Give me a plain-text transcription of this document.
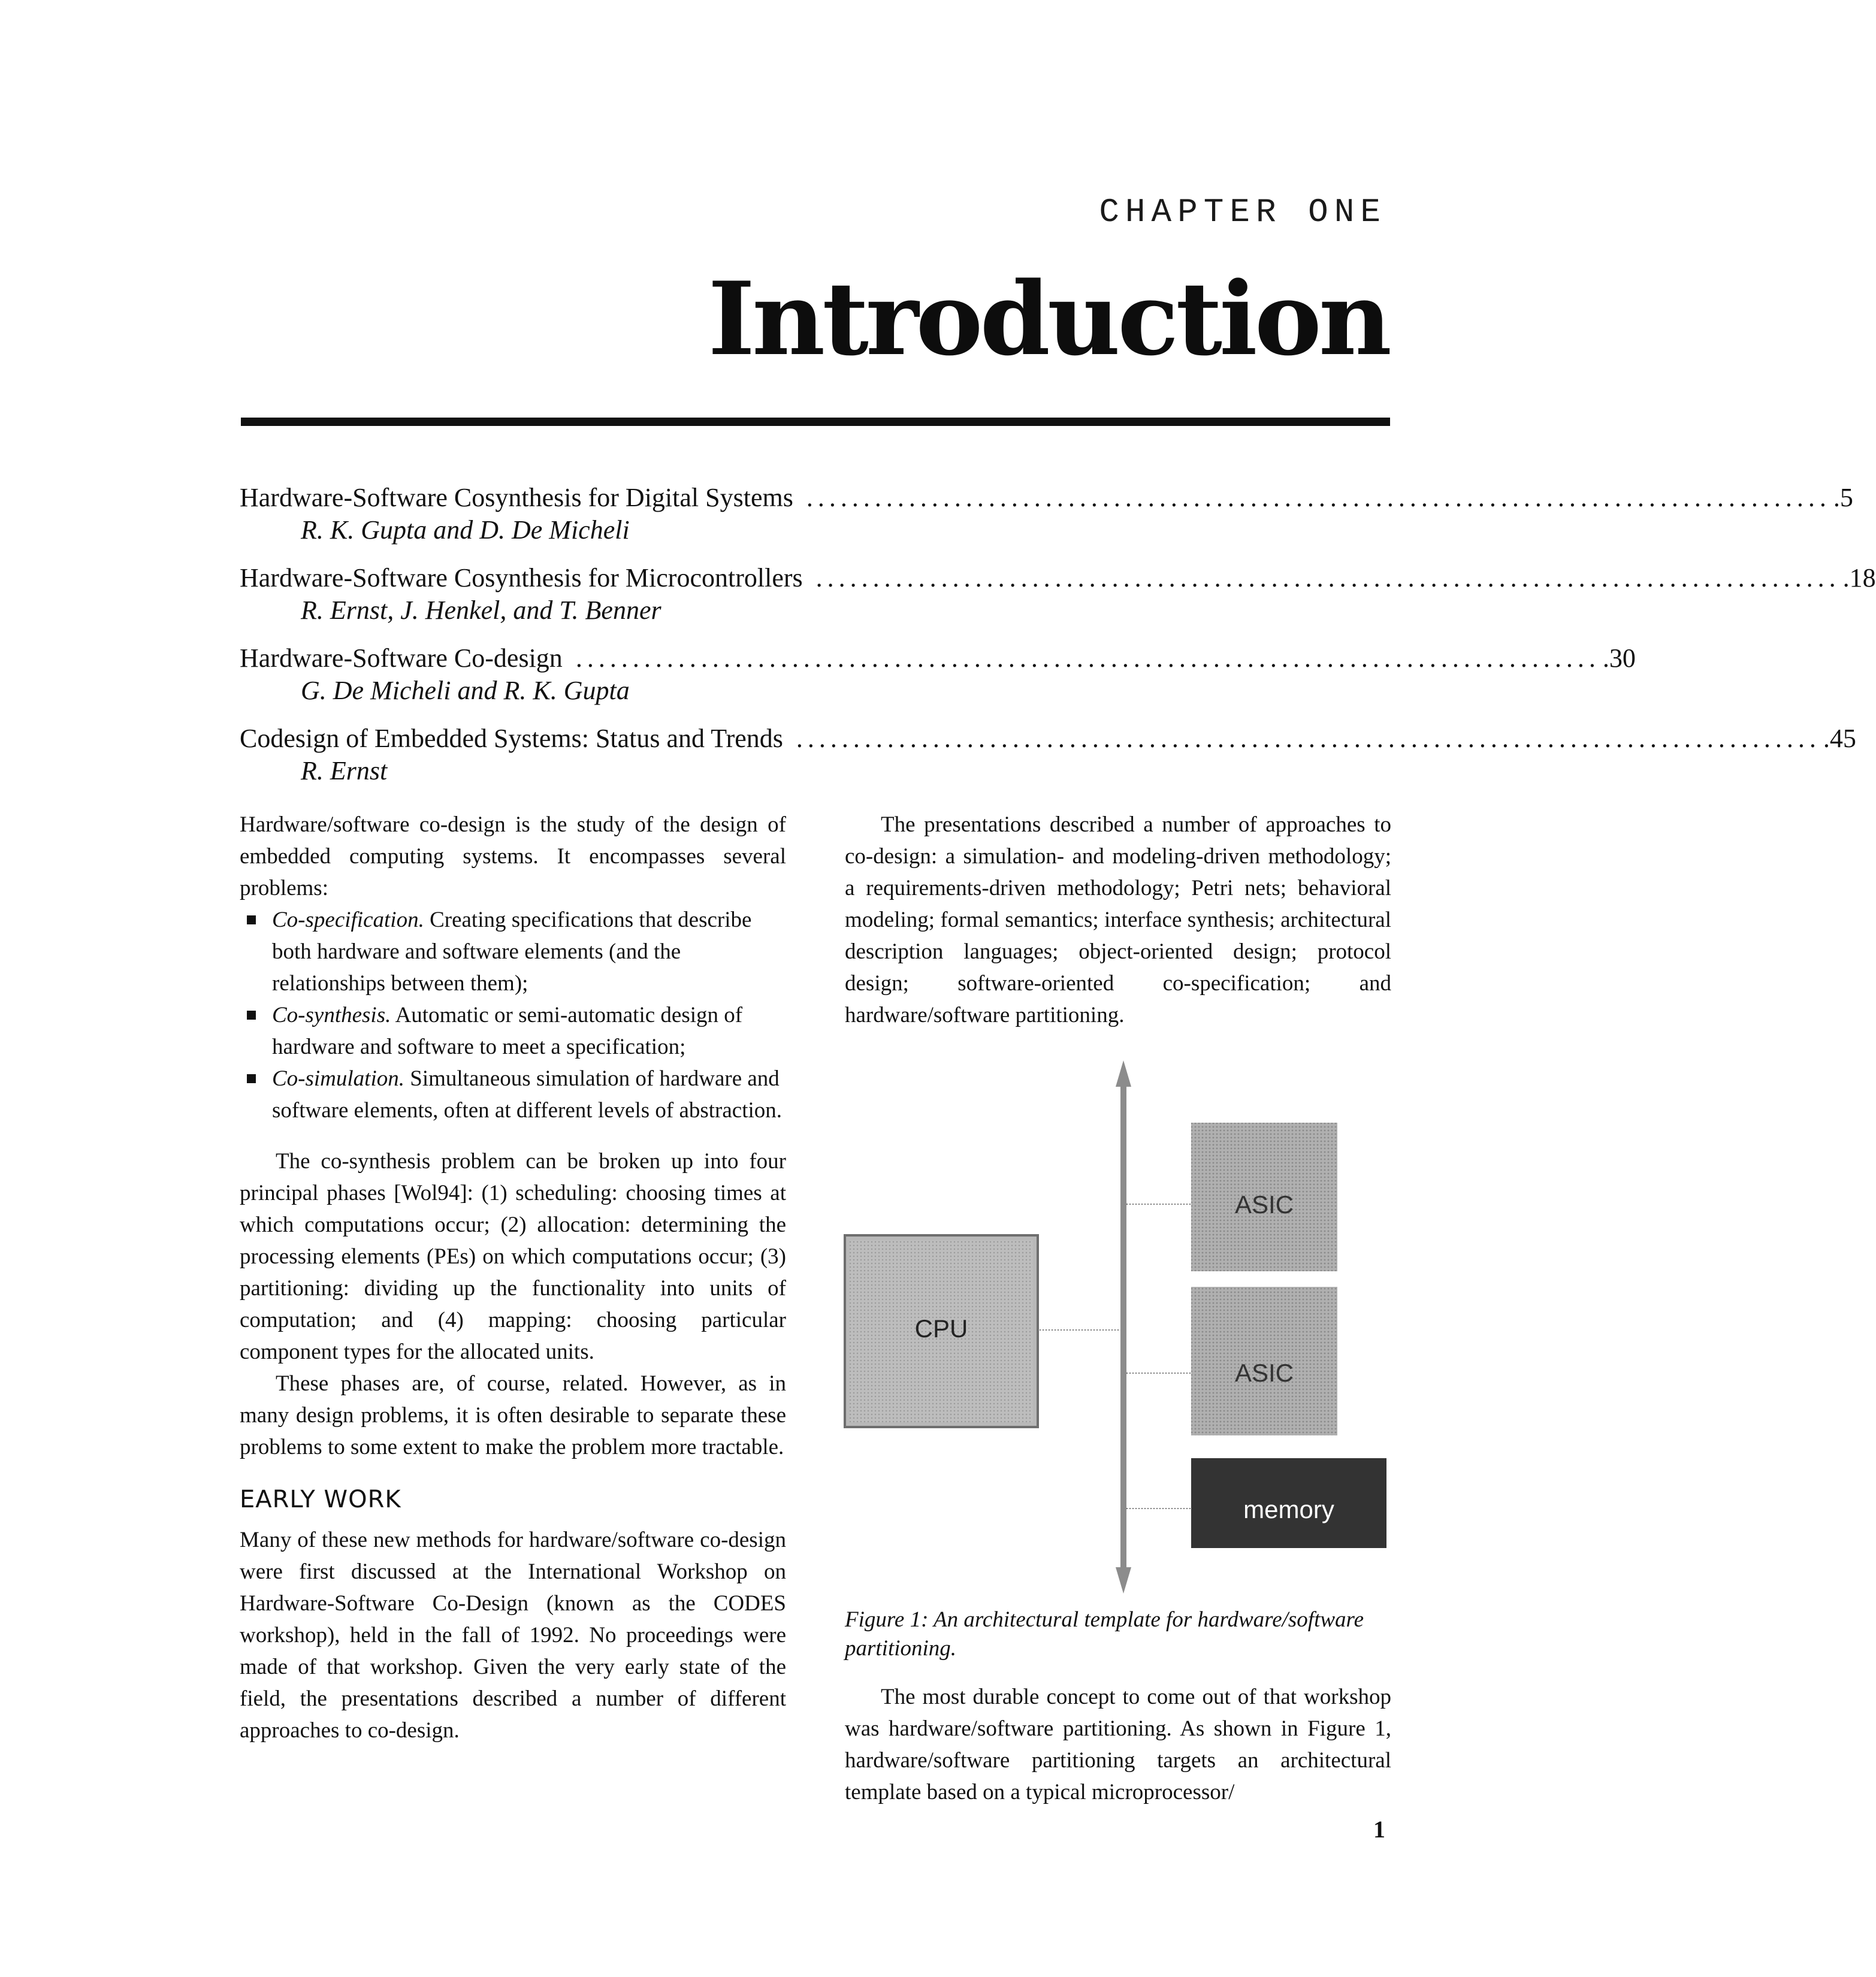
CHAPTER ONE
Introduction
Hardware-Software Cosynthesis for Digital Systems .......................................................................................... .5
R. K. Gupta and D. De Micheli
Hardware-Software Cosynthesis for Microcontrollers .......................................................................................... .18
R. Ernst, J. Henkel, and T. Benner
Hardware-Software Co-design .......................................................................................... .30
G. De Micheli and R. K. Gupta
Codesign of Embedded Systems: Status and Trends .......................................................................................... .45
R. Ernst

Hardware/software co-design is the study of the design of embedded computing systems. It encompasses several problems:

Co-specification. Creating specifications that describe both hardware and software elements (and the relationships between them);
Co-synthesis. Automatic or semi-automatic design of hardware and software to meet a specification;
Co-simulation. Simultaneous simulation of hardware and software elements, often at different levels of abstraction.

The co-synthesis problem can be broken up into four principal phases [Wol94]: (1) scheduling: choosing times at which computations occur; (2) allocation: determining the processing elements (PEs) on which computations occur; (3) partitioning: dividing up the functionality into units of computation; and (4) mapping: choosing particular component types for the allocated units.

These phases are, of course, related. However, as in many design problems, it is often desirable to separate these problems to some extent to make the problem more tractable.

EARLY WORK

Many of these new methods for hardware/software co-design were first discussed at the International Workshop on Hardware-Software Co-Design (known as the CODES workshop), held in the fall of 1992. No proceedings were made of that workshop. Given the very early state of the field, the presentations described a number of different approaches to co-design.

The presentations described a number of approaches to co-design: a simulation- and modeling-driven methodology; a requirements-driven methodology; Petri nets; behavioral modeling; formal semantics; interface synthesis; architectural description languages; object-oriented design; protocol design; software-oriented co-specification; and hardware/software partitioning.

CPU
ASIC
ASIC
memory
Figure 1: An architectural template for hardware/software partitioning.

The most durable concept to come out of that workshop was hardware/software partitioning. As shown in Figure 1, hardware/software partitioning targets an architectural template based on a typical microprocessor/

1
